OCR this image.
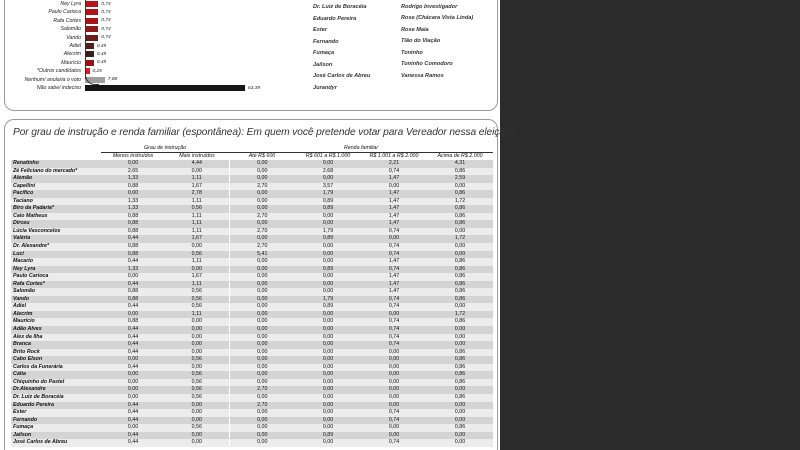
Ney Lyra	0,74
Paulo Carioca	0,74
Rafa Cortes	0,74
Salomão	0,74
Vando	0,74
Adiel	0,49
Alecrim	0,49
Maurício	0,49
*Outros candidatos	0,25
Nenhum/ anularia o voto	7,88
Não sabe/ indeciso	63,39
Dr. Luiz de Boracéia
Eduardo Pereira
Ester
Fernando
Fumaça
Jailson
José Carlos de Abreu
Jurandyr
Rodrigo Investigador
Rose (Chácara Vista Linda)
Rose Maia
Tião do Viação
Toninho
Toninho Comodoro
Vanessa Ramos
Por grau de instrução e renda familiar (espontânea): Em quem você pretende votar para Vereador nessa eleição?
	Grau de instrução		Renda familiar			
	Menos instruídos	Mais instruídos	Até R$ 600	R$ 601 a R$ 1.000	R$ 1.001 a R$ 2.000	Acima de R$ 2.000
Renatinho	0,00	4,44	0,00	0,00	2,21	4,31
Zé Feliciano do mercado*	2,65	0,00	0,00	2,68	0,74	0,86
Alemão	1,33	1,11	0,00	0,00	1,47	2,59
Capellini	0,88	1,67	2,70	3,57	0,00	0,00
Pacífico	0,00	2,78	0,00	1,79	1,47	0,86
Taciano	1,33	1,11	0,00	0,89	1,47	1,72
Biro da Padaria*	1,33	0,56	0,00	0,89	1,47	0,86
Caio Matheus	0,88	1,11	2,70	0,00	1,47	0,86
Dirceu	0,88	1,11	0,00	0,00	1,47	0,86
Lúcia Vasconcelos	0,88	1,11	2,70	1,79	0,74	0,00
Valéria	0,44	1,67	0,00	0,89	0,00	1,72
Dr. Alexandre*	0,88	0,00	2,70	0,00	0,74	0,00
Luci	0,88	0,56	5,41	0,00	0,74	0,00
Macario	0,44	1,11	0,00	0,00	1,47	0,86
Ney Lyra	1,33	0,00	0,00	0,89	0,74	0,86
Paulo Carioca	0,00	1,67	0,00	0,00	1,47	0,86
Rafa Cortes*	0,44	1,11	0,00	0,00	1,47	0,86
Salomão	0,88	0,56	0,00	0,00	1,47	0,86
Vando	0,88	0,56	0,00	1,79	0,74	0,86
Adiel	0,44	0,56	0,00	0,89	0,74	0,00
Alecrim	0,00	1,11	0,00	0,00	0,00	1,72
Maurício	0,88	0,00	0,00	0,00	0,74	0,86
Adão Alves	0,44	0,00	0,00	0,00	0,74	0,00
Alex da Ilha	0,44	0,00	0,00	0,00	0,74	0,00
Branca	0,44	0,00	0,00	0,00	0,74	0,00
Brito Rock	0,44	0,00	0,00	0,00	0,00	0,86
Cabo Elson	0,00	0,56	0,00	0,00	0,00	0,86
Carlos da Funerária	0,44	0,00	0,00	0,00	0,00	0,86
Cátia	0,00	0,56	0,00	0,00	0,00	0,86
Chiquinho do Pastel	0,00	0,56	0,00	0,00	0,00	0,86
Dr.Alexandre	0,00	0,56	2,70	0,00	0,00	0,00
Dr. Luiz de Boracéia	0,00	0,56	0,00	0,00	0,00	0,86
Eduardo Pereira	0,44	0,00	2,70	0,00	0,00	0,00
Ester	0,44	0,00	0,00	0,00	0,74	0,00
Fernando	0,44	0,00	0,00	0,00	0,74	0,00
Fumaça	0,00	0,56	0,00	0,00	0,00	0,86
Jailson	0,44	0,00	0,00	0,89	0,00	0,00
José Carlos de Abreu	0,44	0,00	0,00	0,00	0,74	0,00
